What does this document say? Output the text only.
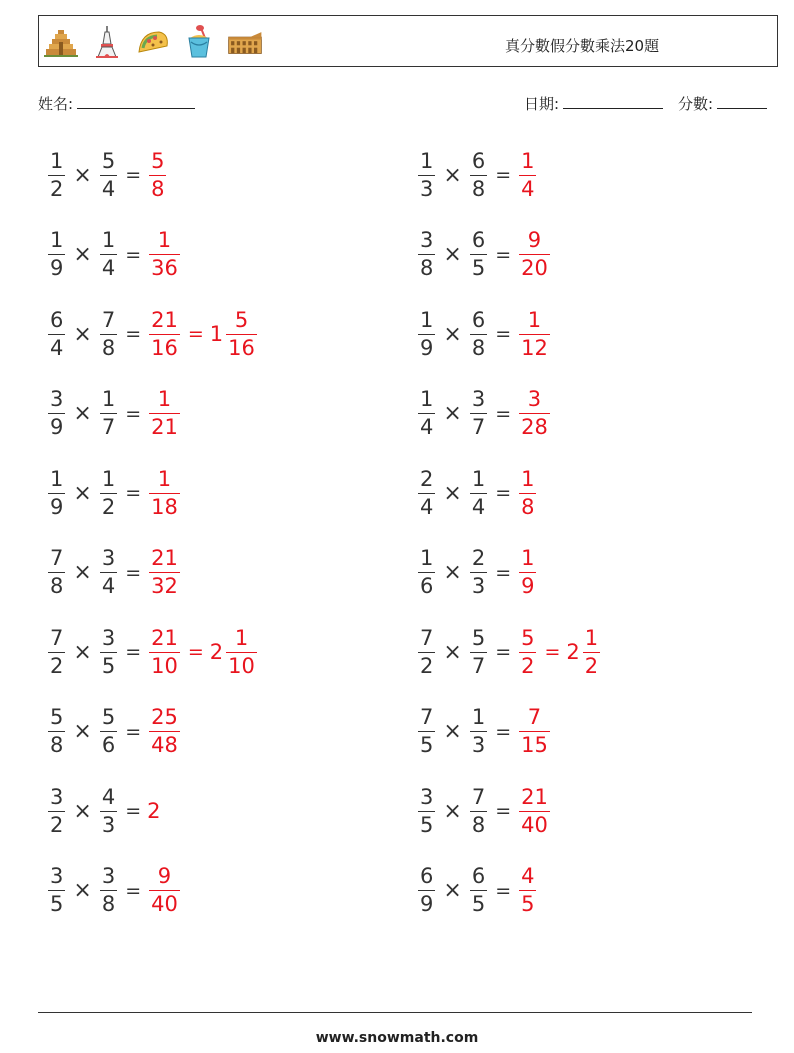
真分數假分數乘法20題
姓名:	日期:	分數:
$\frac{1}{2} \times \frac{5}{4} = \frac{5}{8}$	$\frac{1}{3} \times \frac{6}{8} = \frac{1}{4}$
$\frac{1}{9} \times \frac{1}{4} = \frac{1}{36}$	$\frac{3}{8} \times \frac{6}{5} = \frac{9}{20}$
$\frac{6}{4} \times \frac{7}{8} = \frac{21}{16} = 1 \frac{5}{16}$	$\frac{1}{9} \times \frac{6}{8} = \frac{1}{12}$
$\frac{3}{9} \times \frac{1}{7} = \frac{1}{21}$	$\frac{1}{4} \times \frac{3}{7} = \frac{3}{28}$
$\frac{1}{9} \times \frac{1}{2} = \frac{1}{18}$	$\frac{2}{4} \times \frac{1}{4} = \frac{1}{8}$
$\frac{7}{8} \times \frac{3}{4} = \frac{21}{32}$	$\frac{1}{6} \times \frac{2}{3} = \frac{1}{9}$
$\frac{7}{2} \times \frac{3}{5} = \frac{21}{10} = 2 \frac{1}{10}$	$\frac{7}{2} \times \frac{5}{7} = \frac{5}{2} = 2 \frac{1}{2}$
$\frac{5}{8} \times \frac{5}{6} = \frac{25}{48}$	$\frac{7}{5} \times \frac{1}{3} = \frac{7}{15}$
$\frac{3}{2} \times \frac{4}{3} = 2$	$\frac{3}{5} \times \frac{7}{8} = \frac{21}{40}$
$\frac{3}{5} \times \frac{3}{8} = \frac{9}{40}$	$\frac{6}{9} \times \frac{6}{5} = \frac{4}{5}$
www.snowmath.com
